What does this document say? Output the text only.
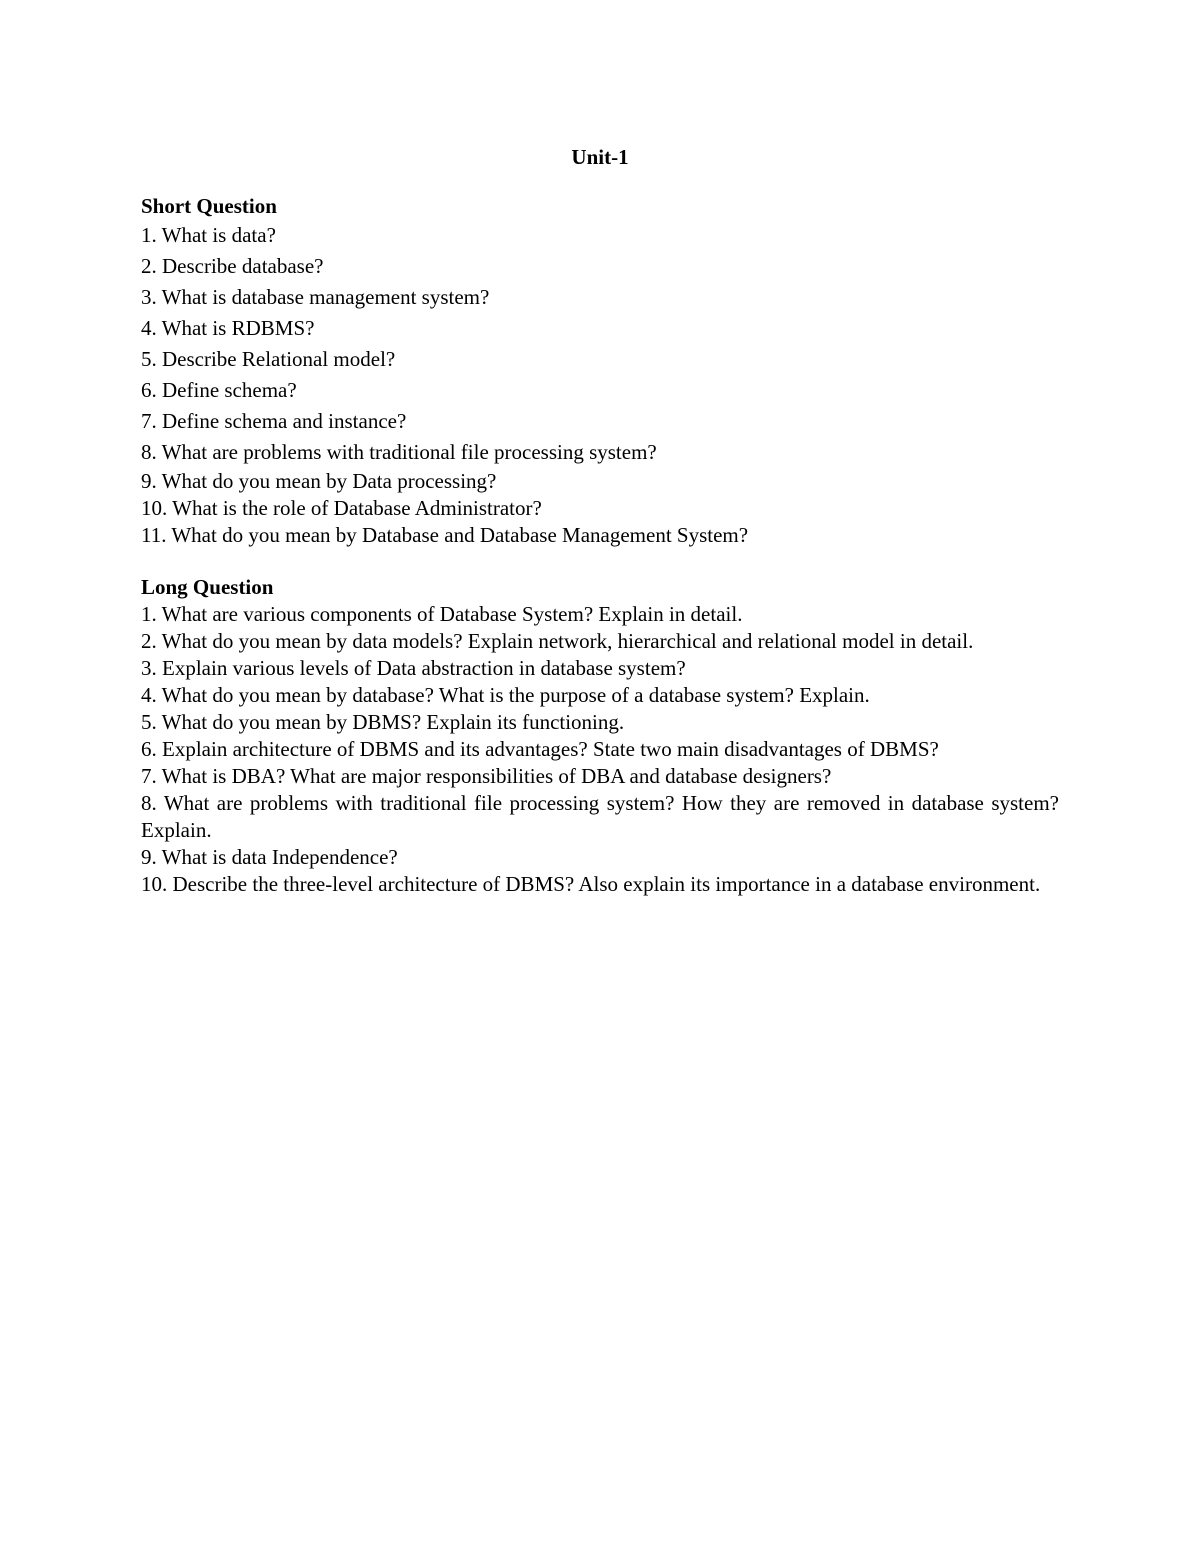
Unit-1
Short Question
1. What is data?
2. Describe database?
3. What is database management system?
4. What is RDBMS?
5. Describe Relational model?
6. Define schema?
7. Define schema and instance?
8. What are problems with traditional file processing system?
9. What do you mean by Data processing?
10. What is the role of Database Administrator?
11. What do you mean by Database and Database Management System?
Long Question
1. What are various components of Database System? Explain in detail.
2. What do you mean by data models? Explain network, hierarchical and relational model in detail.
3. Explain various levels of Data abstraction in database system?
4. What do you mean by database? What is the purpose of a database system? Explain.
5. What do you mean by DBMS? Explain its functioning.
6. Explain architecture of DBMS and its advantages? State two main disadvantages of DBMS?
7. What is DBA? What are major responsibilities of DBA and database designers?
8. What are problems with traditional file processing system? How they are removed in database system? Explain.
9. What is data Independence?
10. Describe the three-level architecture of DBMS? Also explain its importance in a database environment.
